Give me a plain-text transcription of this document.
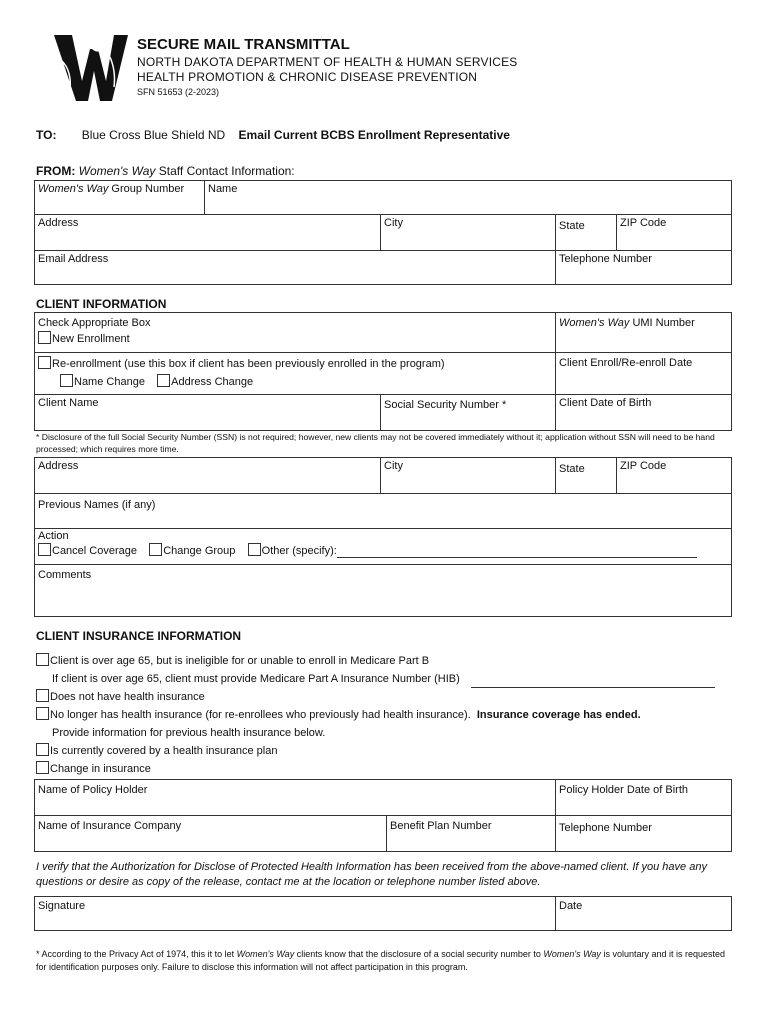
SECURE MAIL TRANSMITTAL
NORTH DAKOTA DEPARTMENT OF HEALTH & HUMAN SERVICES
HEALTH PROMOTION & CHRONIC DISEASE PREVENTION
SFN 51653 (2-2023)
TO: Blue Cross Blue Shield ND Email Current BCBS Enrollment Representative
FROM: Women's Way Staff Contact Information:
Women's Way Group Number	Name			
Address		City	State	ZIP Code
Email Address			Telephone Number	
CLIENT INFORMATION
Check Appropriate Box
New Enrollment		Women's Way UMI Number

Re-enrollment (use this box if client has been previously enrolled in the program)
Name Change Address Change		Client Enroll/Re-enroll Date
Client Name	Social Security Number *	Client Date of Birth
* Disclosure of the full Social Security Number (SSN) is not required; however, new clients may not be covered immediately without it; application without SSN will need to be hand processed; which requires more time.
Address	City	State	ZIP Code
Previous Names (if any)

Action
Cancel Coverage Change Group Other (specify):

Comments
CLIENT INSURANCE INFORMATION
Client is over age 65, but is ineligible for or unable to enroll in Medicare Part B
If client is over age 65, client must provide Medicare Part A Insurance Number (HIB)
Does not have health insurance
No longer has health insurance (for re-enrollees who previously had health insurance). Insurance coverage has ended.
Provide information for previous health insurance below.
Is currently covered by a health insurance plan
Change in insurance
Name of Policy Holder		Policy Holder Date of Birth
Name of Insurance Company	Benefit Plan Number	Telephone Number
I verify that the Authorization for Disclose of Protected Health Information has been received from the above-named client. If you have any questions or desire as copy of the release, contact me at the location or telephone number listed above.
Signature	Date
* According to the Privacy Act of 1974, this it to let Women's Way clients know that the disclosure of a social security number to Women's Way is voluntary and it is requested for identification purposes only. Failure to disclose this information will not affect participation in this program.
